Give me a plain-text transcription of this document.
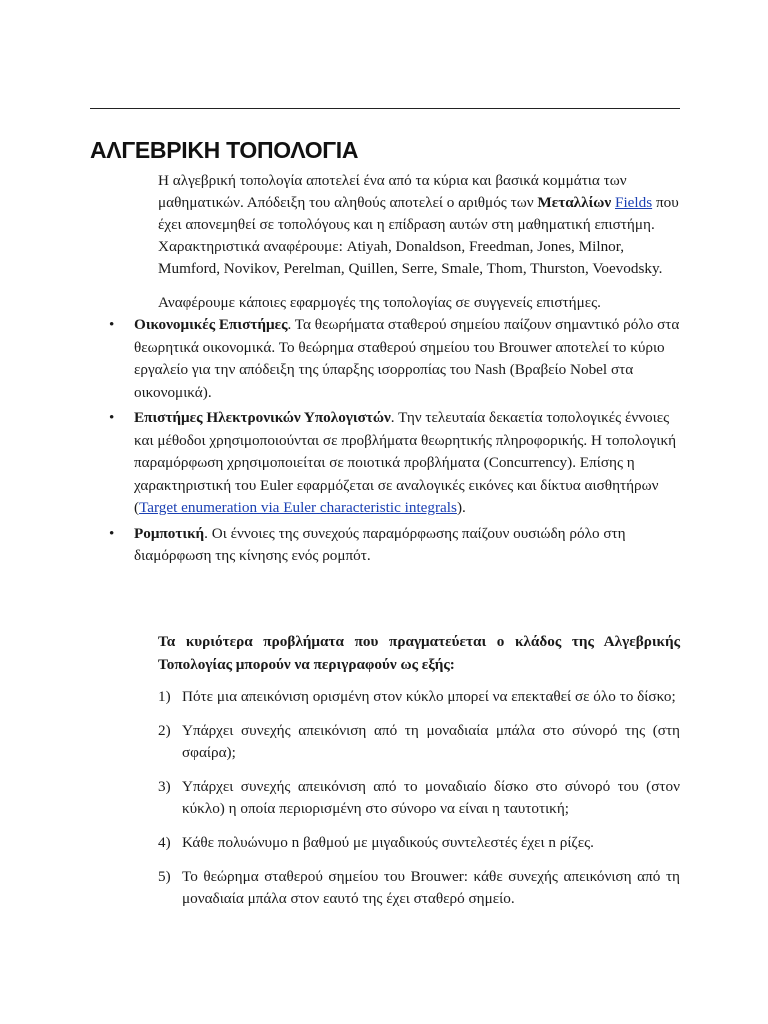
ΑΛΓΕΒΡΙΚΗ ΤΟΠΟΛΟΓΙΑ

Η αλγεβρική τοπολογία αποτελεί ένα από τα κύρια και βασικά κομμάτια των μαθηματικών. Απόδειξη του αληθούς αποτελεί ο αριθμός των Μεταλλίων Fields που έχει απονεμηθεί σε τοπολόγους και η επίδραση αυτών στη μαθηματική επιστήμη. Χαρακτηριστικά αναφέρουμε: Atiyah, Donaldson, Freedman, Jones, Milnor, Mumford, Novikov, Perelman, Quillen, Serre, Smale, Thom, Thurston, Voevodsky.

Αναφέρουμε κάποιες εφαρμογές της τοπολογίας σε συγγενείς επιστήμες.

• Οικονομικές Επιστήμες. Τα θεωρήματα σταθερού σημείου παίζουν σημαντικό ρόλο στα θεωρητικά οικονομικά. Το θεώρημα σταθερού σημείου του Brouwer αποτελεί το κύριο εργαλείο για την απόδειξη της ύπαρξης ισορροπίας του Nash (Βραβείο Nobel στα οικονομικά).
• Επιστήμες Ηλεκτρονικών Υπολογιστών. Την τελευταία δεκαετία τοπολογικές έννοιες και μέθοδοι χρησιμοποιούνται σε προβλήματα θεωρητικής πληροφορικής. Η τοπολογική παραμόρφωση χρησιμοποιείται σε ποιοτικά προβλήματα (Concurrency). Επίσης η χαρακτηριστική του Euler εφαρμόζεται σε αναλογικές εικόνες και δίκτυα αισθητήρων (Target enumeration via Euler characteristic integrals).
• Ρομποτική. Οι έννοιες της συνεχούς παραμόρφωσης παίζουν ουσιώδη ρόλο στη διαμόρφωση της κίνησης ενός ρομπότ.

Τα κυριότερα προβλήματα που πραγματεύεται ο κλάδος της Αλγεβρικής Τοπολογίας μπορούν να περιγραφούν ως εξής:

1) Πότε μια απεικόνιση ορισμένη στον κύκλο μπορεί να επεκταθεί σε όλο το δίσκο;
2) Υπάρχει συνεχής απεικόνιση από τη μοναδιαία μπάλα στο σύνορό της (στη σφαίρα);
3) Υπάρχει συνεχής απεικόνιση από το μοναδιαίο δίσκο στο σύνορό του (στον κύκλο) η οποία περιορισμένη στο σύνορο να είναι η ταυτοτική;
4) Κάθε πολυώνυμο n βαθμού με μιγαδικούς συντελεστές έχει n ρίζες.
5) Το θεώρημα σταθερού σημείου του Brouwer: κάθε συνεχής απεικόνιση από τη μοναδιαία μπάλα στον εαυτό της έχει σταθερό σημείο.
